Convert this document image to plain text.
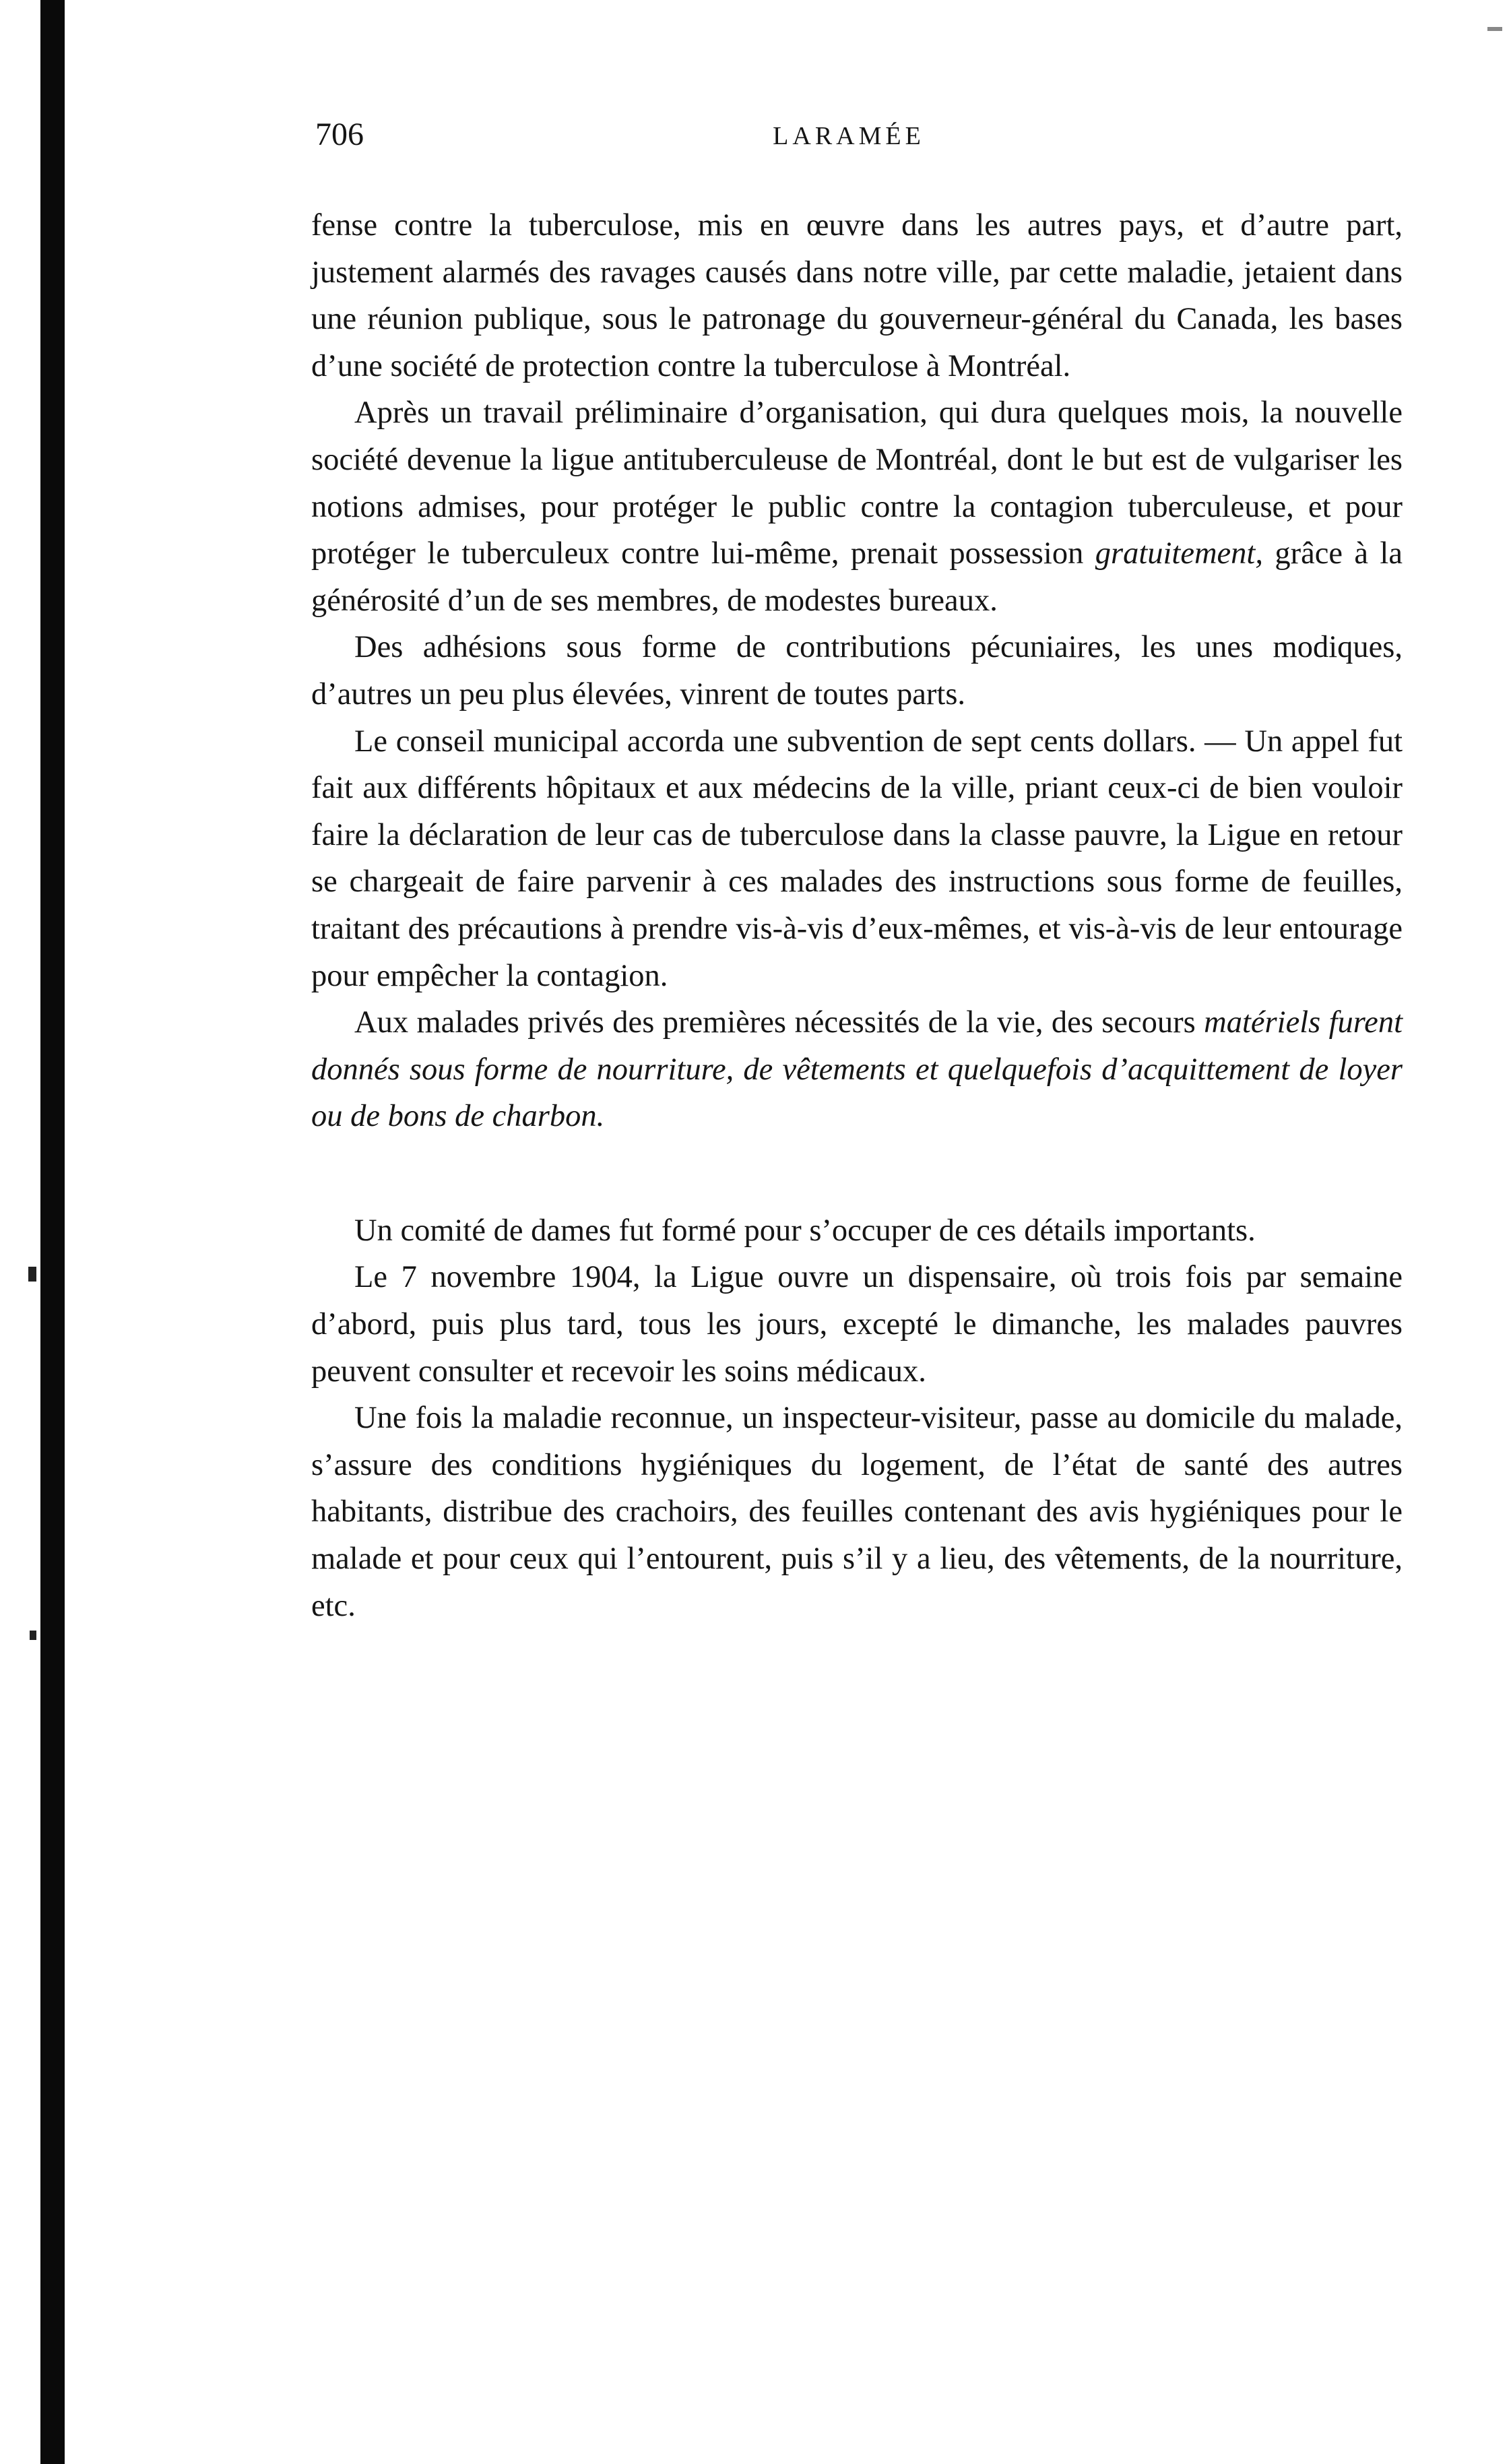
706	LARAMÉE

fense contre la tuberculose, mis en œuvre dans les autres pays, et d’autre part, justement alarmés des ravages causés dans notre ville, par cette maladie, jetaient dans une réunion publique, sous le patronage du gouverneur-général du Canada, les bases d’une société de protection contre la tuberculose à Montréal.

Après un travail préliminaire d’organisation, qui dura quelques mois, la nouvelle société devenue la ligue antituberculeuse de Montréal, dont le but est de vulgariser les notions admises, pour protéger le public contre la contagion tuberculeuse, et pour protéger le tuberculeux contre lui-même, prenait possession gratuitement, grâce à la générosité d’un de ses membres, de modestes bureaux.

Des adhésions sous forme de contributions pécuniaires, les unes modiques, d’autres un peu plus élevées, vinrent de toutes parts.

Le conseil municipal accorda une subvention de sept cents dollars. — Un appel fut fait aux différents hôpitaux et aux médecins de la ville, priant ceux-ci de bien vouloir faire la déclaration de leur cas de tuberculose dans la classe pauvre, la Ligue en retour se chargeait de faire parvenir à ces malades des instructions sous forme de feuilles, traitant des précautions à prendre vis-à-vis d’eux-mêmes, et vis-à-vis de leur entourage pour empêcher la contagion.

Aux malades privés des premières nécessités de la vie, des secours matériels furent donnés sous forme de nourriture, de vêtements et quelquefois d’acquittement de loyer ou de bons de charbon.

Un comité de dames fut formé pour s’occuper de ces détails importants.

Le 7 novembre 1904, la Ligue ouvre un dispensaire, où trois fois par semaine d’abord, puis plus tard, tous les jours, excepté le dimanche, les malades pauvres peuvent consulter et recevoir les soins médicaux.

Une fois la maladie reconnue, un inspecteur-visiteur, passe au domicile du malade, s’assure des conditions hygiéniques du logement, de l’état de santé des autres habitants, distribue des crachoirs, des feuilles contenant des avis hygiéniques pour le malade et pour ceux qui l’entourent, puis s’il y a lieu, des vêtements, de la nourriture, etc.
